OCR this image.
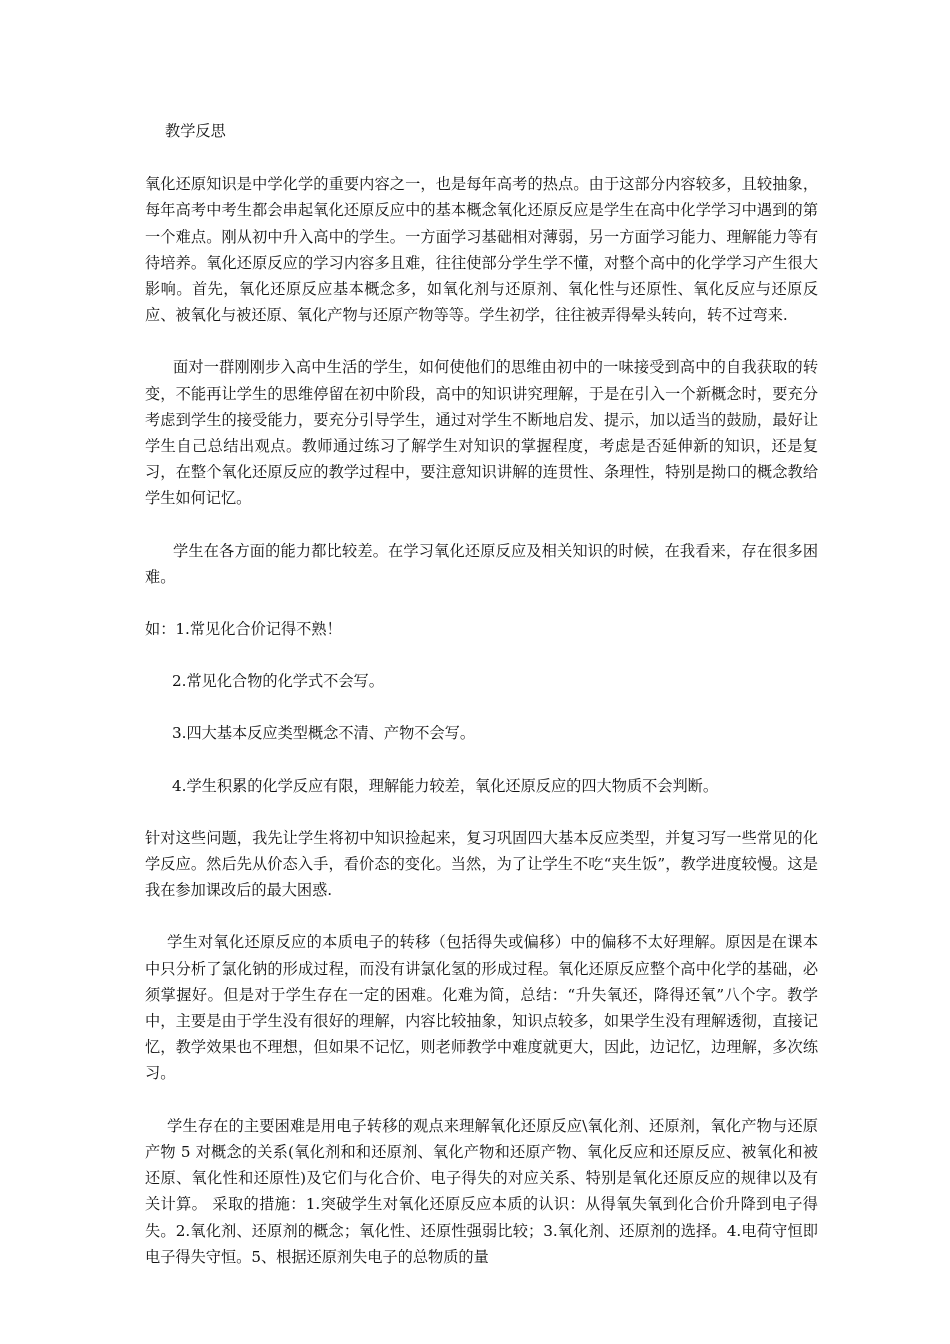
教学反思

氧化还原知识是中学化学的重要内容之一，也是每年高考的热点。由于这部分内容较多，且较抽象，每年高考中考生都会串起氧化还原反应中的基本概念氧化还原反应是学生在高中化学学习中遇到的第一个难点。刚从初中升入高中的学生。一方面学习基础相对薄弱，另一方面学习能力、理解能力等有待培养。氧化还原反应的学习内容多且难，往往使部分学生学不懂，对整个高中的化学学习产生很大影响。首先，氧化还原反应基本概念多，如氧化剂与还原剂、氧化性与还原性、氧化反应与还原反应、被氧化与被还原、氧化产物与还原产物等等。学生初学，往往被弄得晕头转向，转不过弯来.

面对一群刚刚步入高中生活的学生，如何使他们的思维由初中的一味接受到高中的自我获取的转变，不能再让学生的思维停留在初中阶段，高中的知识讲究理解，于是在引入一个新概念时，要充分考虑到学生的接受能力，要充分引导学生，通过对学生不断地启发、提示，加以适当的鼓励，最好让学生自己总结出观点。教师通过练习了解学生对知识的掌握程度，考虑是否延伸新的知识，还是复习，在整个氧化还原反应的教学过程中，要注意知识讲解的连贯性、条理性，特别是拗口的概念教给学生如何记忆。

学生在各方面的能力都比较差。在学习氧化还原反应及相关知识的时候，在我看来，存在很多困难。

如：1.常见化合价记得不熟！

2.常见化合物的化学式不会写。

3.四大基本反应类型概念不清、产物不会写。

4.学生积累的化学反应有限，理解能力较差，氧化还原反应的四大物质不会判断。

针对这些问题，我先让学生将初中知识捡起来，复习巩固四大基本反应类型，并复习写一些常见的化学反应。然后先从价态入手，看价态的变化。当然，为了让学生不吃“夹生饭”，教学进度较慢。这是我在参加课改后的最大困惑.

学生对氧化还原反应的本质电子的转移（包括得失或偏移）中的偏移不太好理解。原因是在课本中只分析了氯化钠的形成过程，而没有讲氯化氢的形成过程。氧化还原反应整个高中化学的基础，必须掌握好。但是对于学生存在一定的困难。化难为简，总结：“升失氧还，降得还氧”八个字。教学中，主要是由于学生没有很好的理解，内容比较抽象，知识点较多，如果学生没有理解透彻，直接记忆，教学效果也不理想，但如果不记忆，则老师教学中难度就更大，因此，边记忆，边理解，多次练习。

学生存在的主要困难是用电子转移的观点来理解氧化还原反应\氧化剂、还原剂，氧化产物与还原产物 5 对概念的关系(氧化剂和和还原剂、氧化产物和还原产物、氧化反应和还原反应、被氧化和被还原、氧化性和还原性)及它们与化合价、电子得失的对应关系、特别是氧化还原反应的规律以及有关计算。 采取的措施：1.突破学生对氧化还原反应本质的认识：从得氧失氧到化合价升降到电子得失。2.氧化剂、还原剂的概念；氧化性、还原性强弱比较；3.氧化剂、还原剂的选择。4.电荷守恒即电子得失守恒。5、根据还原剂失电子的总物质的量
